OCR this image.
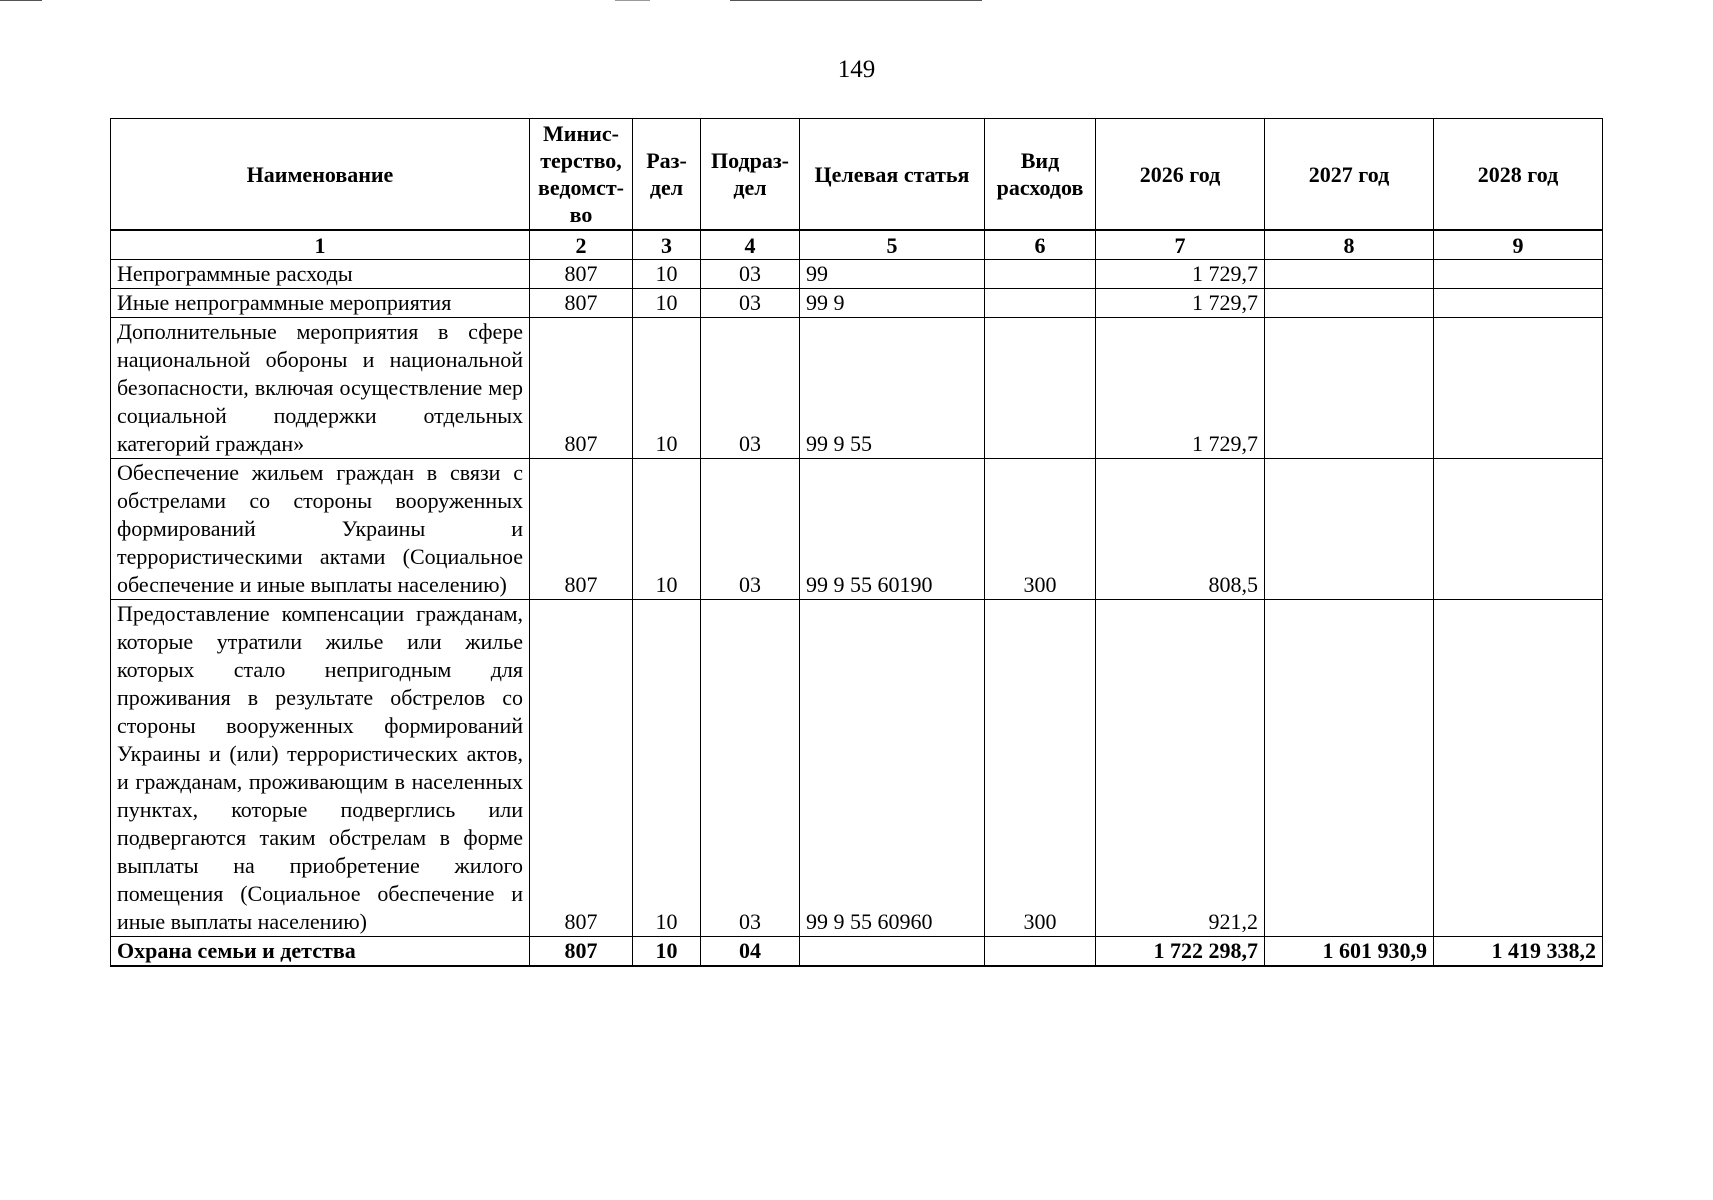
149
Наименование	Минис-терство, ведомст-во	Раз-дел	Подраз-дел	Целевая статья	Вид расходов	2026 год	2027 год	2028 год
1	2	3	4	5	6	7	8	9
Непрограммные расходы	807	10	03	99		1 729,7		
Иные непрограммные мероприятия	807	10	03	99 9		1 729,7		
Дополнительные мероприятия в сфере национальной обороны и национальной безопасности, включая осуществление мер социальной поддержки отдельных категорий граждан»	807	10	03	99 9 55		1 729,7		
Обеспечение жильем граждан в связи с обстрелами со стороны вооруженных формирований Украины и террористическими актами (Социальное обеспечение и иные выплаты населению)	807	10	03	99 9 55 60190	300	808,5		
Предоставление компенсации гражданам, которые утратили жилье или жилье которых стало непригодным для проживания в результате обстрелов со стороны вооруженных формирований Украины и (или) террористических актов, и гражданам, проживающим в населенных пунктах, которые подверглись или подвергаются таким обстрелам в форме выплаты на приобретение жилого помещения (Социальное обеспечение и иные выплаты населению)	807	10	03	99 9 55 60960	300	921,2		
Охрана семьи и детства	807	10	04			1 722 298,7	1 601 930,9	1 419 338,2
